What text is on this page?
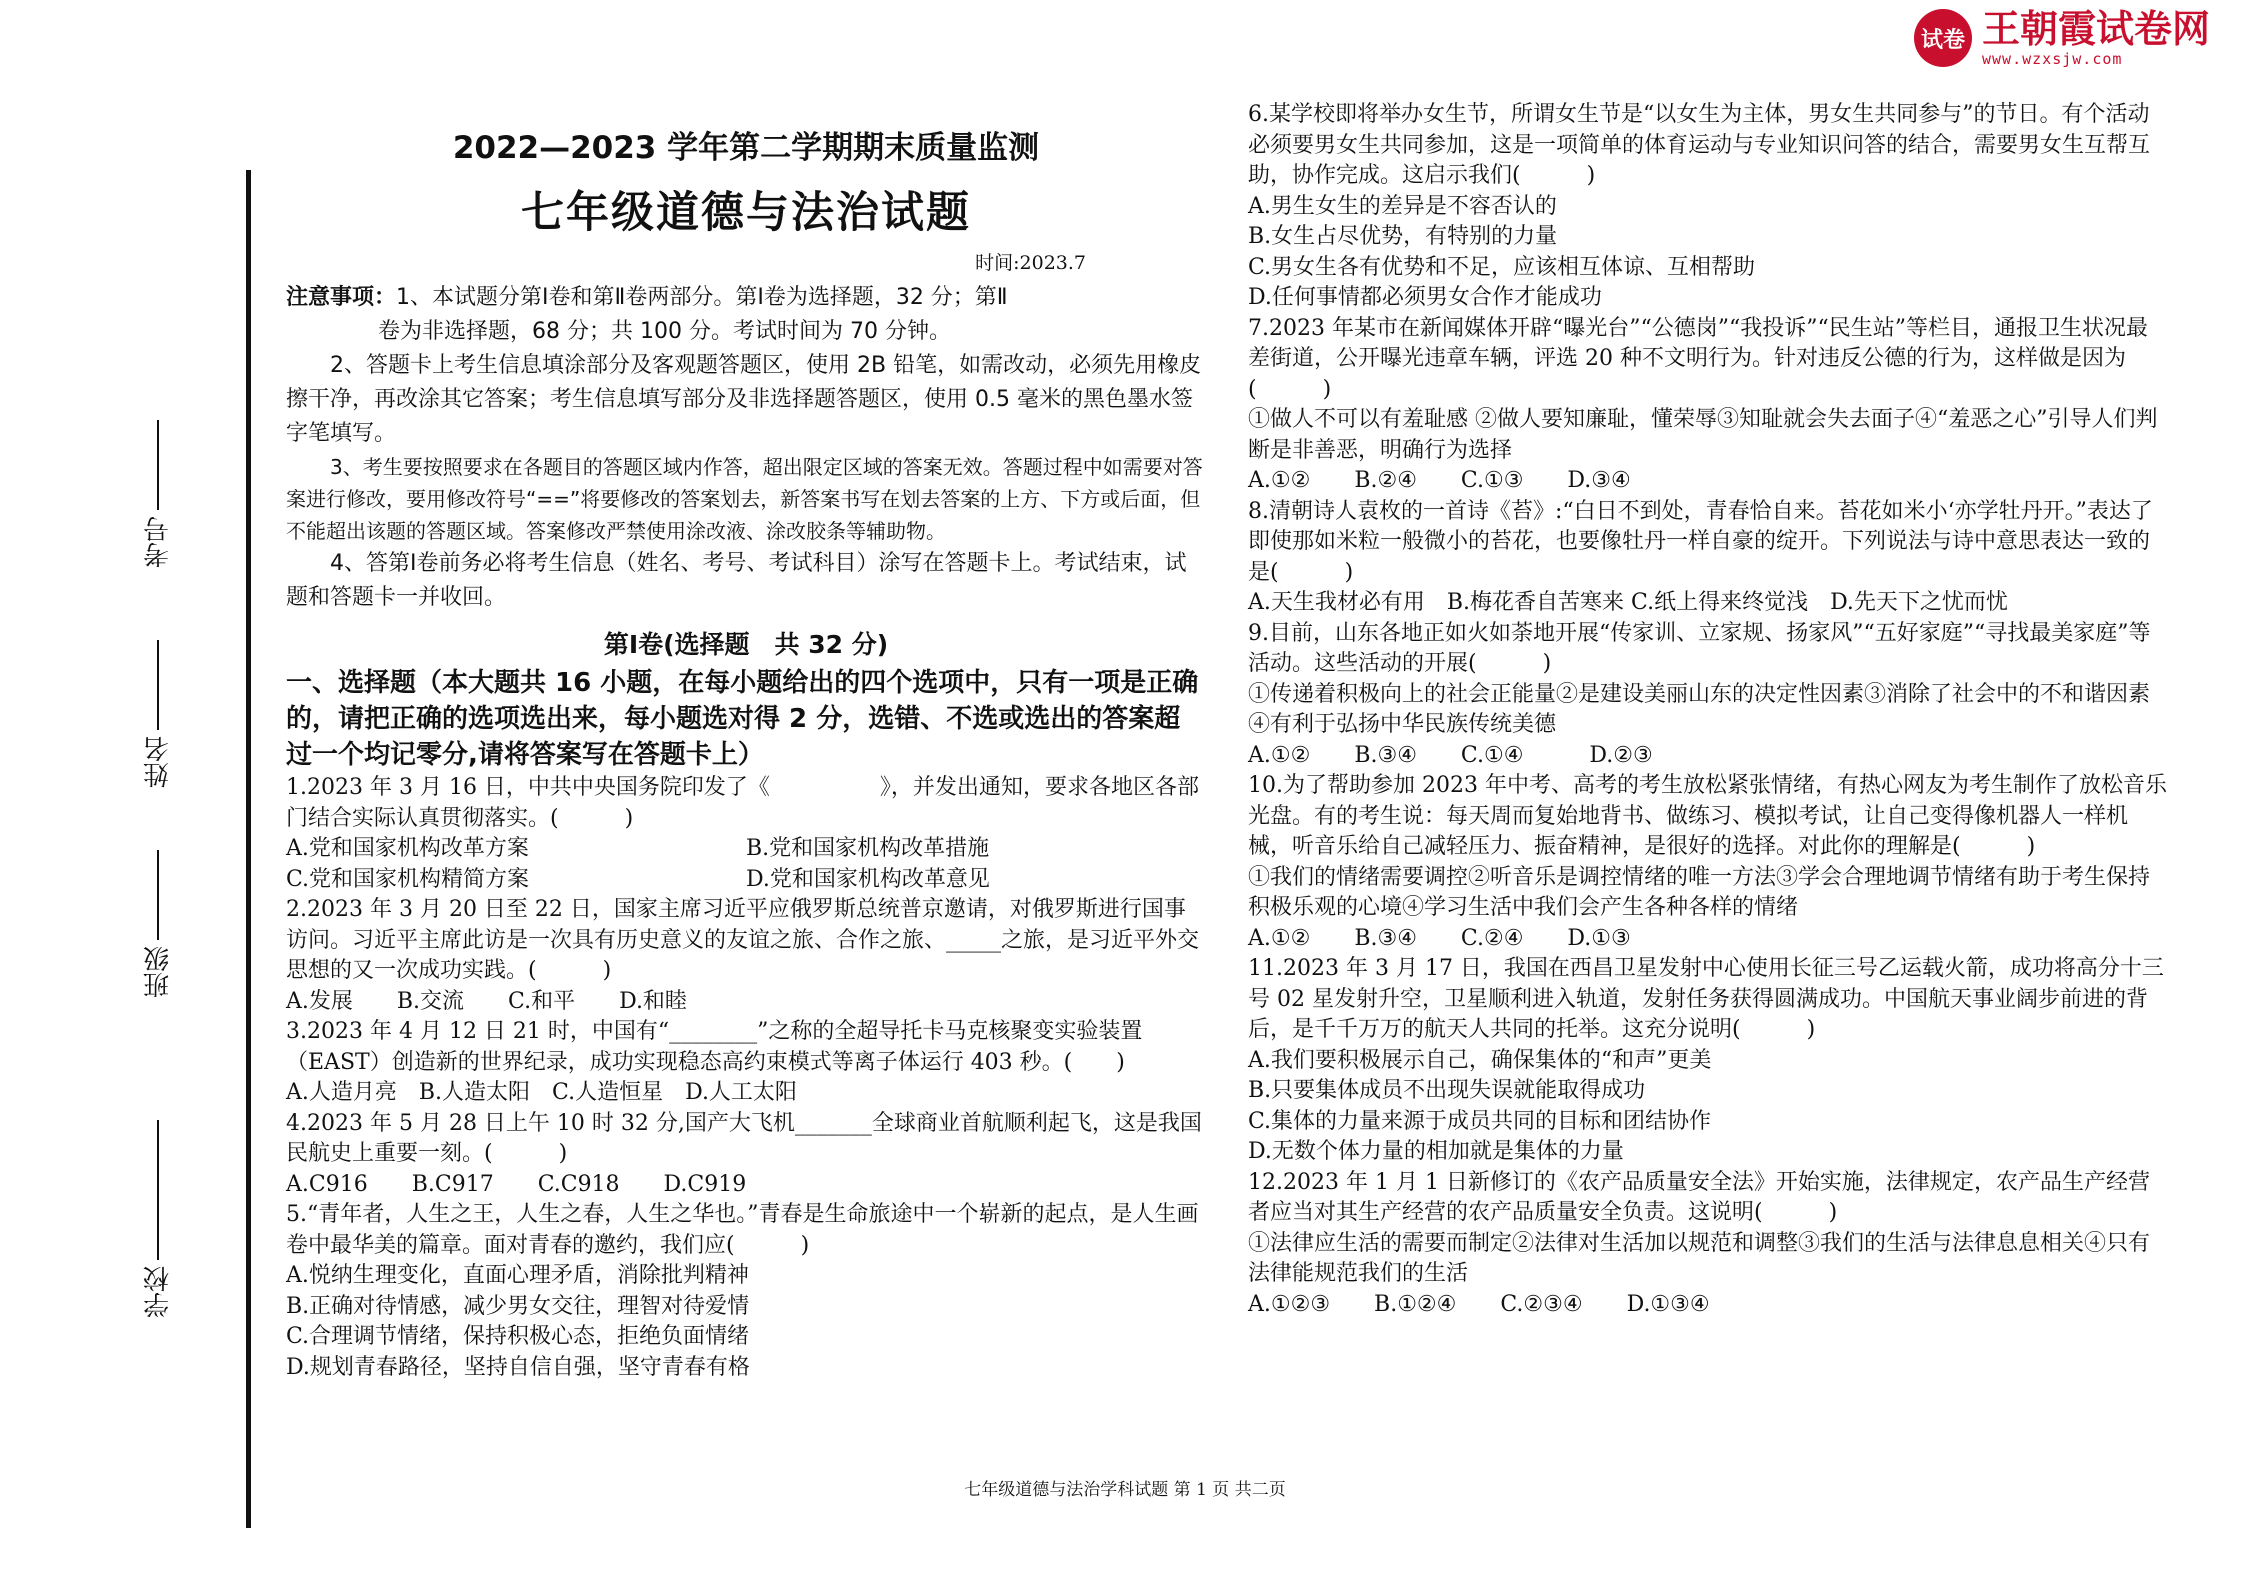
考号
姓名
班级
学校
试卷 王朝霞试卷网
www.wzxsjw.com

2022—2023 学年第二学期期末质量监测

七年级道德与法治试题

时间:2023.7

注意事项：1、本试题分第Ⅰ卷和第Ⅱ卷两部分。第Ⅰ卷为选择题，32 分；第Ⅱ

卷为非选择题，68 分；共 100 分。考试时间为 70 分钟。

2、答题卡上考生信息填涂部分及客观题答题区，使用 2B 铅笔，如需改动，必须先用橡皮擦干净，再改涂其它答案；考生信息填写部分及非选择题答题区，使用 0.5 毫米的黑色墨水签字笔填写。

3、考生要按照要求在各题目的答题区域内作答，超出限定区域的答案无效。答题过程中如需要对答案进行修改，要用修改符号“==”将要修改的答案划去，新答案书写在划去答案的上方、下方或后面，但不能超出该题的答题区域。答案修改严禁使用涂改液、涂改胶条等辅助物。

4、答第Ⅰ卷前务必将考生信息（姓名、考号、考试科目）涂写在答题卡上。考试结束，试题和答题卡一并收回。

第Ⅰ卷(选择题　共 32 分)

一、选择题（本大题共 16 小题，在每小题给出的四个选项中，只有一项是正确的，请把正确的选项选出来，每小题选对得 2 分，选错、不选或选出的答案超过一个均记零分,请将答案写在答题卡上）

1.2023 年 3 月 16 日，中共中央国务院印发了《　　　　　》，并发出通知，要求各地区各部门结合实际认真贯彻落实。(　　　)

A.党和国家机构改革方案	B.党和国家机构改革措施
C.党和国家机构精简方案	D.党和国家机构改革意见

2.2023 年 3 月 20 日至 22 日，国家主席习近平应俄罗斯总统普京邀请，对俄罗斯进行国事访问。习近平主席此访是一次具有历史意义的友谊之旅、合作之旅、_____之旅，是习近平外交思想的又一次成功实践。(　　　)

A.发展　　B.交流　　C.和平　　D.和睦

3.2023 年 4 月 12 日 21 时，中国有“________”之称的全超导托卡马克核聚变实验装置（EAST）创造新的世界纪录，成功实现稳态高约束模式等离子体运行 403 秒。(　　)

A.人造月亮　B.人造太阳　C.人造恒星　D.人工太阳

4.2023 年 5 月 28 日上午 10 时 32 分,国产大飞机_______全球商业首航顺利起飞，这是我国民航史上重要一刻。(　　　)

A.C916　　B.C917　　C.C918　　D.C919

5.“青年者，人生之王，人生之春，人生之华也。”青春是生命旅途中一个崭新的起点，是人生画卷中最华美的篇章。面对青春的邀约，我们应(　　　)

A.悦纳生理变化，直面心理矛盾，消除批判精神

B.正确对待情感，减少男女交往，理智对待爱情

C.合理调节情绪，保持积极心态，拒绝负面情绪

D.规划青春路径，坚持自信自强，坚守青春有格

6.某学校即将举办女生节，所谓女生节是“以女生为主体，男女生共同参与”的节日。有个活动必须要男女生共同参加，这是一项简单的体育运动与专业知识问答的结合，需要男女生互帮互助，协作完成。这启示我们(　　　)

A.男生女生的差异是不容否认的

B.女生占尽优势，有特别的力量

C.男女生各有优势和不足，应该相互体谅、互相帮助

D.任何事情都必须男女合作才能成功

7.2023 年某市在新闻媒体开辟“曝光台”“公德岗”“我投诉”“民生站”等栏目，通报卫生状况最差街道，公开曝光违章车辆，评选 20 种不文明行为。针对违反公德的行为，这样做是因为(　　　)

①做人不可以有羞耻感 ②做人要知廉耻，懂荣辱③知耻就会失去面子④“羞恶之心”引导人们判断是非善恶，明确行为选择

A.①②　　B.②④　　C.①③　　D.③④

8.清朝诗人袁枚的一首诗《苔》:“白日不到处，青春恰自来。苔花如米小‘亦学牡丹开。”表达了即使那如米粒一般微小的苔花，也要像牡丹一样自豪的绽开。下列说法与诗中意思表达一致的是(　　　)

A.天生我材必有用　B.梅花香自苦寒来 C.纸上得来终觉浅　D.先天下之忧而忧

9.目前，山东各地正如火如荼地开展“传家训、立家规、扬家风”“五好家庭”“寻找最美家庭”等活动。这些活动的开展(　　　)

①传递着积极向上的社会正能量②是建设美丽山东的决定性因素③消除了社会中的不和谐因素④有利于弘扬中华民族传统美德

A.①②　　B.③④　　C.①④　　　D.②③

10.为了帮助参加 2023 年中考、高考的考生放松紧张情绪，有热心网友为考生制作了放松音乐光盘。有的考生说：每天周而复始地背书、做练习、模拟考试，让自己变得像机器人一样机械，听音乐给自己减轻压力、振奋精神，是很好的选择。对此你的理解是(　　　)

①我们的情绪需要调控②听音乐是调控情绪的唯一方法③学会合理地调节情绪有助于考生保持积极乐观的心境④学习生活中我们会产生各种各样的情绪

A.①②　　B.③④　　C.②④　　D.①③

11.2023 年 3 月 17 日，我国在西昌卫星发射中心使用长征三号乙运载火箭，成功将高分十三号 02 星发射升空，卫星顺利进入轨道，发射任务获得圆满成功。中国航天事业阔步前进的背后，是千千万万的航天人共同的托举。这充分说明(　　　)

A.我们要积极展示自己，确保集体的“和声”更美

B.只要集体成员不出现失误就能取得成功

C.集体的力量来源于成员共同的目标和团结协作

D.无数个体力量的相加就是集体的力量

12.2023 年 1 月 1 日新修订的《农产品质量安全法》开始实施，法律规定，农产品生产经营者应当对其生产经营的农产品质量安全负责。这说明(　　　)

①法律应生活的需要而制定②法律对生活加以规范和调整③我们的生活与法律息息相关④只有法律能规范我们的生活

A.①②③　　B.①②④　　C.②③④　　D.①③④

七年级道德与法治学科试题 第 1 页 共二页
